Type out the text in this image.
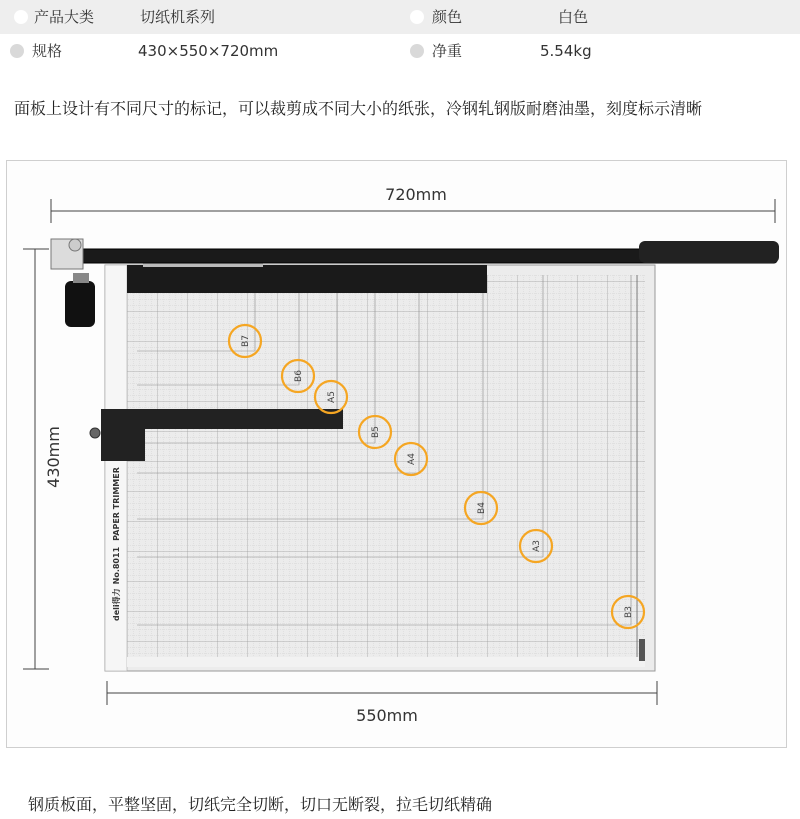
产品大类	切纸机系列	颜色	白色
规格	430×550×720mm	净重	5.54kg
面板上设计有不同尺寸的标记，可以裁剪成不同大小的纸张，冷钢轧钢版耐磨油墨，刻度标示清晰
720mm
430mm
deli得力No.8011PAPER TRIMMER
B7
B6
A5
B5
A4
B4
A3
B3
550mm
钢质板面，平整坚固，切纸完全切断，切口无断裂，拉毛切纸精确
